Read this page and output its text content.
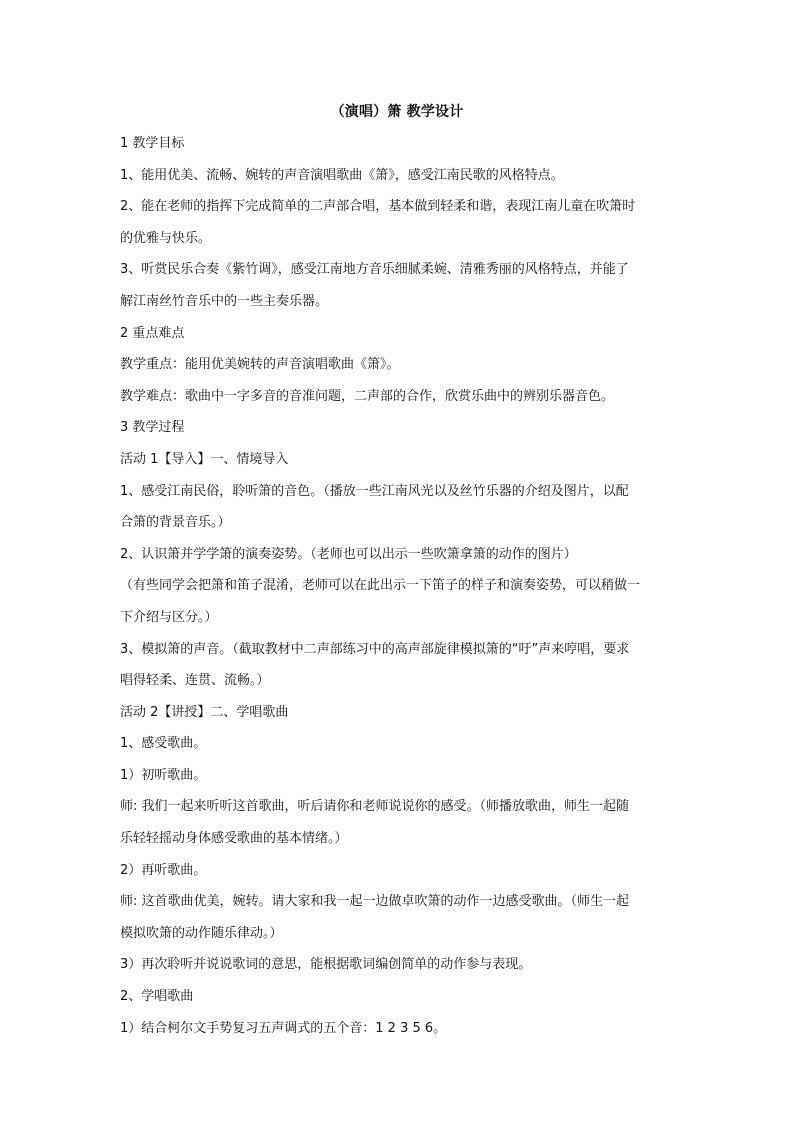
（演唱）箫 教学设计
1 教学目标
1、能用优美、流畅、婉转的声音演唱歌曲《箫》，感受江南民歌的风格特点。
2、能在老师的指挥下完成简单的二声部合唱，基本做到轻柔和谐，表现江南儿童在吹箫时
的优雅与快乐。
3、听赏民乐合奏《紫竹调》，感受江南地方音乐细腻柔婉、清雅秀丽的风格特点，并能了
解江南丝竹音乐中的一些主奏乐器。
2 重点难点
教学重点：能用优美婉转的声音演唱歌曲《箫》。
教学难点：歌曲中一字多音的音准问题，二声部的合作，欣赏乐曲中的辨别乐器音色。
3 教学过程
活动 1【导入】一、情境导入
1、感受江南民俗，聆听箫的音色。（播放一些江南风光以及丝竹乐器的介绍及图片，以配
合箫的背景音乐。）
2、认识箫并学学箫的演奏姿势。（老师也可以出示一些吹箫拿箫的动作的图片）
（有些同学会把箫和笛子混淆，老师可以在此出示一下笛子的样子和演奏姿势，可以稍做一
下介绍与区分。）
3、模拟箫的声音。（截取教材中二声部练习中的高声部旋律模拟箫的“吁”声来哼唱，要求
唱得轻柔、连贯、流畅。）
活动 2【讲授】二、学唱歌曲
1、感受歌曲。
1）初听歌曲。
师: 我们一起来听听这首歌曲，听后请你和老师说说你的感受。（师播放歌曲，师生一起随
乐轻轻摇动身体感受歌曲的基本情绪。）
2）再听歌曲。
师: 这首歌曲优美，婉转。请大家和我一起一边做卓吹箫的动作一边感受歌曲。（师生一起
模拟吹箫的动作随乐律动。）
3）再次聆听并说说歌词的意思，能根据歌词编创简单的动作参与表现。
2、学唱歌曲
1）结合柯尔文手势复习五声调式的五个音：1 2 3 5 6。
